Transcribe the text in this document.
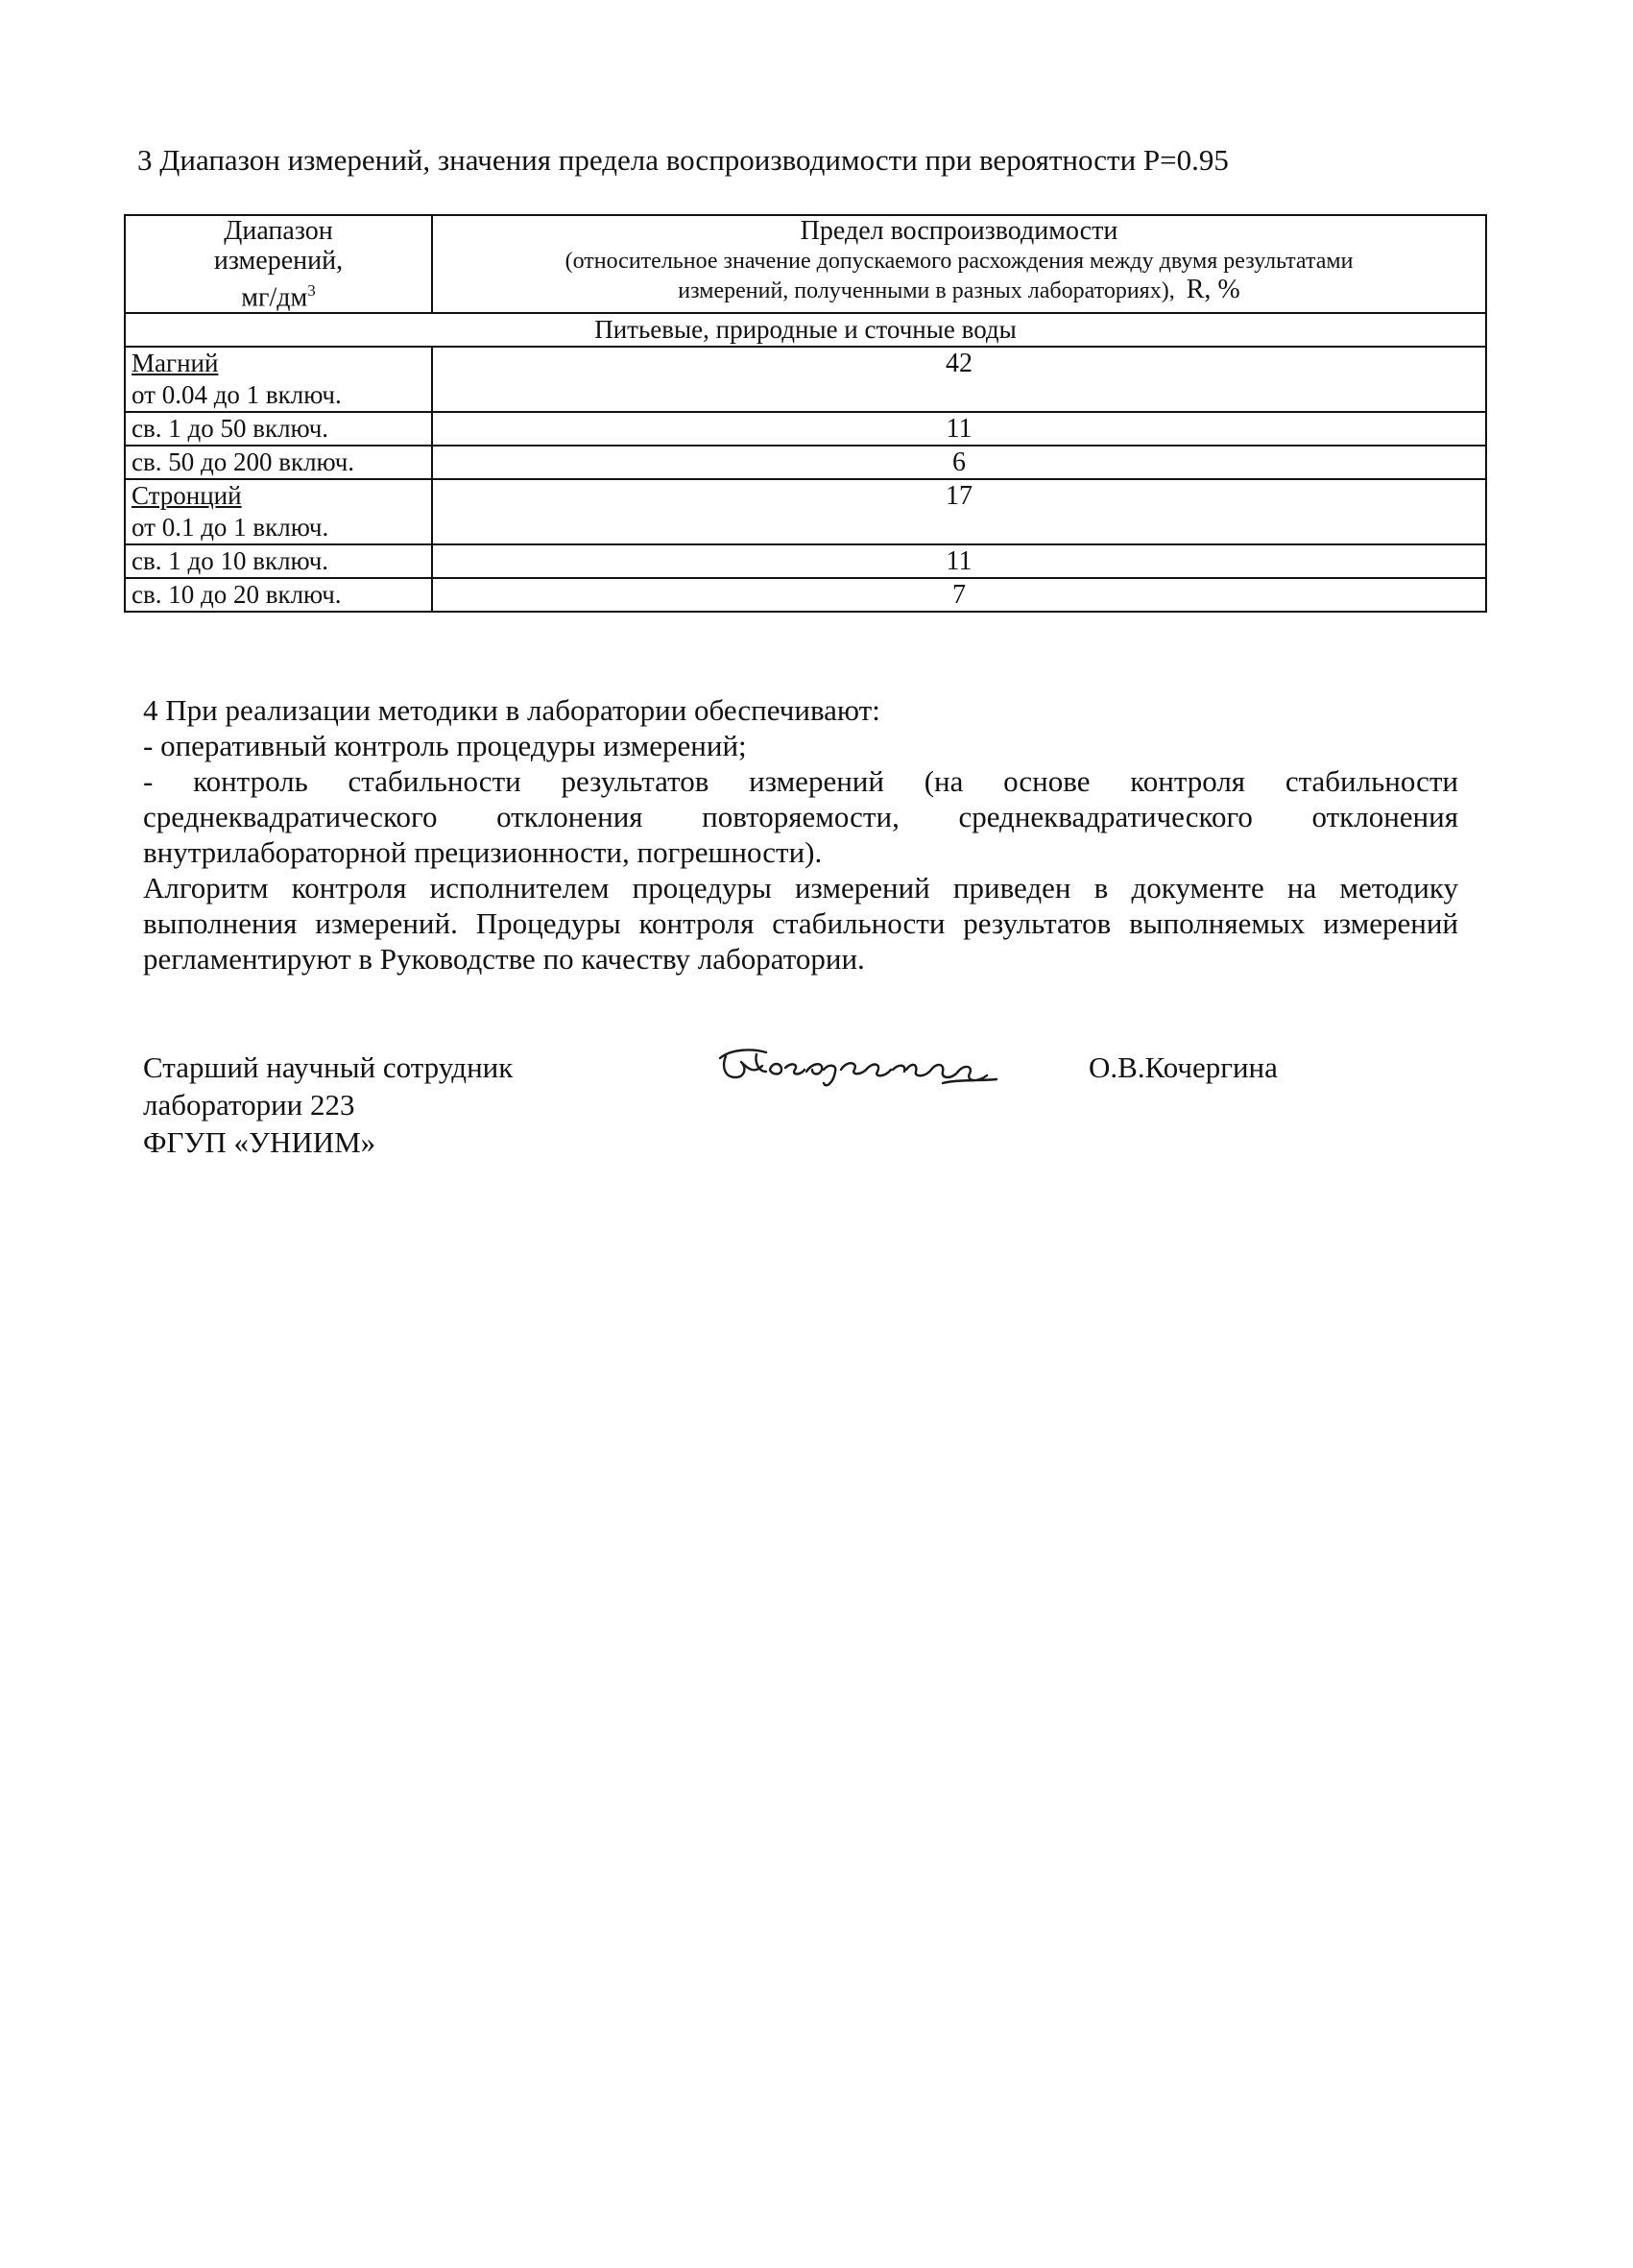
3 Диапазон измерений, значения предела воспроизводимости при вероятности Р=0.95
Диапазон
измерений,
$мг/дм^3$	Предел воспроизводимости
(относительное значение допускаемого расхождения между двумя результатами
измерений, полученными в разных лабораториях), R, %

Питьевые, природные и сточные воды	

Магний
от 0.04 до 1 включ.	42
св. 1 до 50 включ.	11
св. 50 до 200 включ.	6

Стронций
от 0.1 до 1 включ.	17
св. 1 до 10 включ.	11
св. 10 до 20 включ.	7

4 При реализации методики в лаборатории обеспечивают:

- оперативный контроль процедуры измерений;

- контроль стабильности результатов измерений (на основе контроля стабильности среднеквадратического отклонения повторяемости, среднеквадратического отклонения внутрилабораторной прецизионности, погрешности).

Алгоритм контроля исполнителем процедуры измерений приведен в документе на методику выполнения измерений. Процедуры контроля стабильности результатов выполняемых измерений регламентируют в Руководстве по качеству лаборатории.

Старший научный сотрудник
лаборатории 223
ФГУП «УНИИМ»
О.В.Кочергина
